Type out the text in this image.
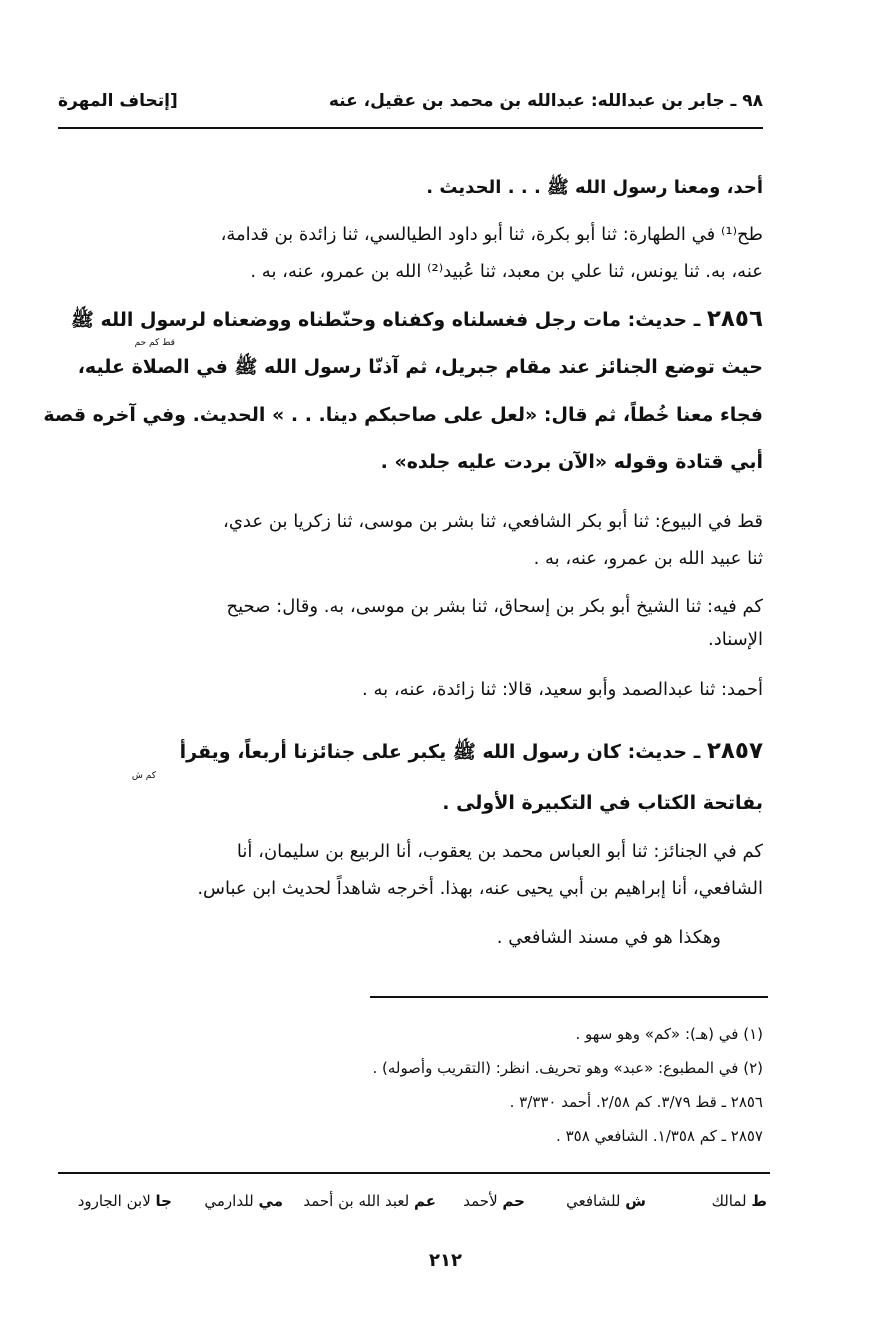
٩٨ ـ جابر بن عبدالله: عبدالله بن محمد بن عقيل، عنه
[إتحاف المهرة
أحد، ومعنا رسول الله ﷺ . . . الحديث .
طح⁽¹⁾ في الطهارة: ثنا أبو بكرة، ثنا أبو داود الطيالسي، ثنا زائدة بن قدامة،
عنه، به. ثنا يونس، ثنا علي بن معبد، ثنا عُبيد⁽²⁾ الله بن عمرو، عنه، به .
٢٨٥٦ ـ حديث: مات رجل فغسلناه وكفناه وحنّطناه ووضعناه لرسول الله ﷺ
قط كم حم
حيث توضع الجنائز عند مقام جبريل، ثم آذنّا رسول الله ﷺ في الصلاة عليه،
فجاء معنا خُطاً، ثم قال: «لعل على صاحبكم دينا. . . » الحديث. وفي آخره قصة
أبي قتادة وقوله «الآن بردت عليه جلده» .
قط في البيوع: ثنا أبو بكر الشافعي، ثنا بشر بن موسى، ثنا زكريا بن عدي،
ثنا عبيد الله بن عمرو، عنه، به .
كم فيه: ثنا الشيخ أبو بكر بن إسحاق، ثنا بشر بن موسى، به. وقال: صحيح
الإسناد.
أحمد: ثنا عبدالصمد وأبو سعيد، قالا: ثنا زائدة، عنه، به .
٢٨٥٧ ـ حديث: كان رسول الله ﷺ يكبر على جنائزنا أربعاً، ويقرأ
كم ش
بفاتحة الكتاب في التكبيرة الأولى .
كم في الجنائز: ثنا أبو العباس محمد بن يعقوب، أنا الربيع بن سليمان، أنا
الشافعي، أنا إبراهيم بن أبي يحيى عنه، بهذا. أخرجه شاهداً لحديث ابن عباس.
وهكذا هو في مسند الشافعي .
(١) في (هـ): «كم» وهو سهو .
(٢) في المطبوع: «عبد» وهو تحريف. انظر: (التقريب وأصوله) .
٢٨٥٦ ـ قط ٣/٧٩. كم ٢/٥٨. أحمد ٣/٣٣٠ .
٢٨٥٧ ـ كم ١/٣٥٨. الشافعي ٣٥٨ .
ط لمالك
ش للشافعي
حم لأحمد
عم لعبد الله بن أحمد
مي للدارمي
جا لابن الجارود
٢١٢
